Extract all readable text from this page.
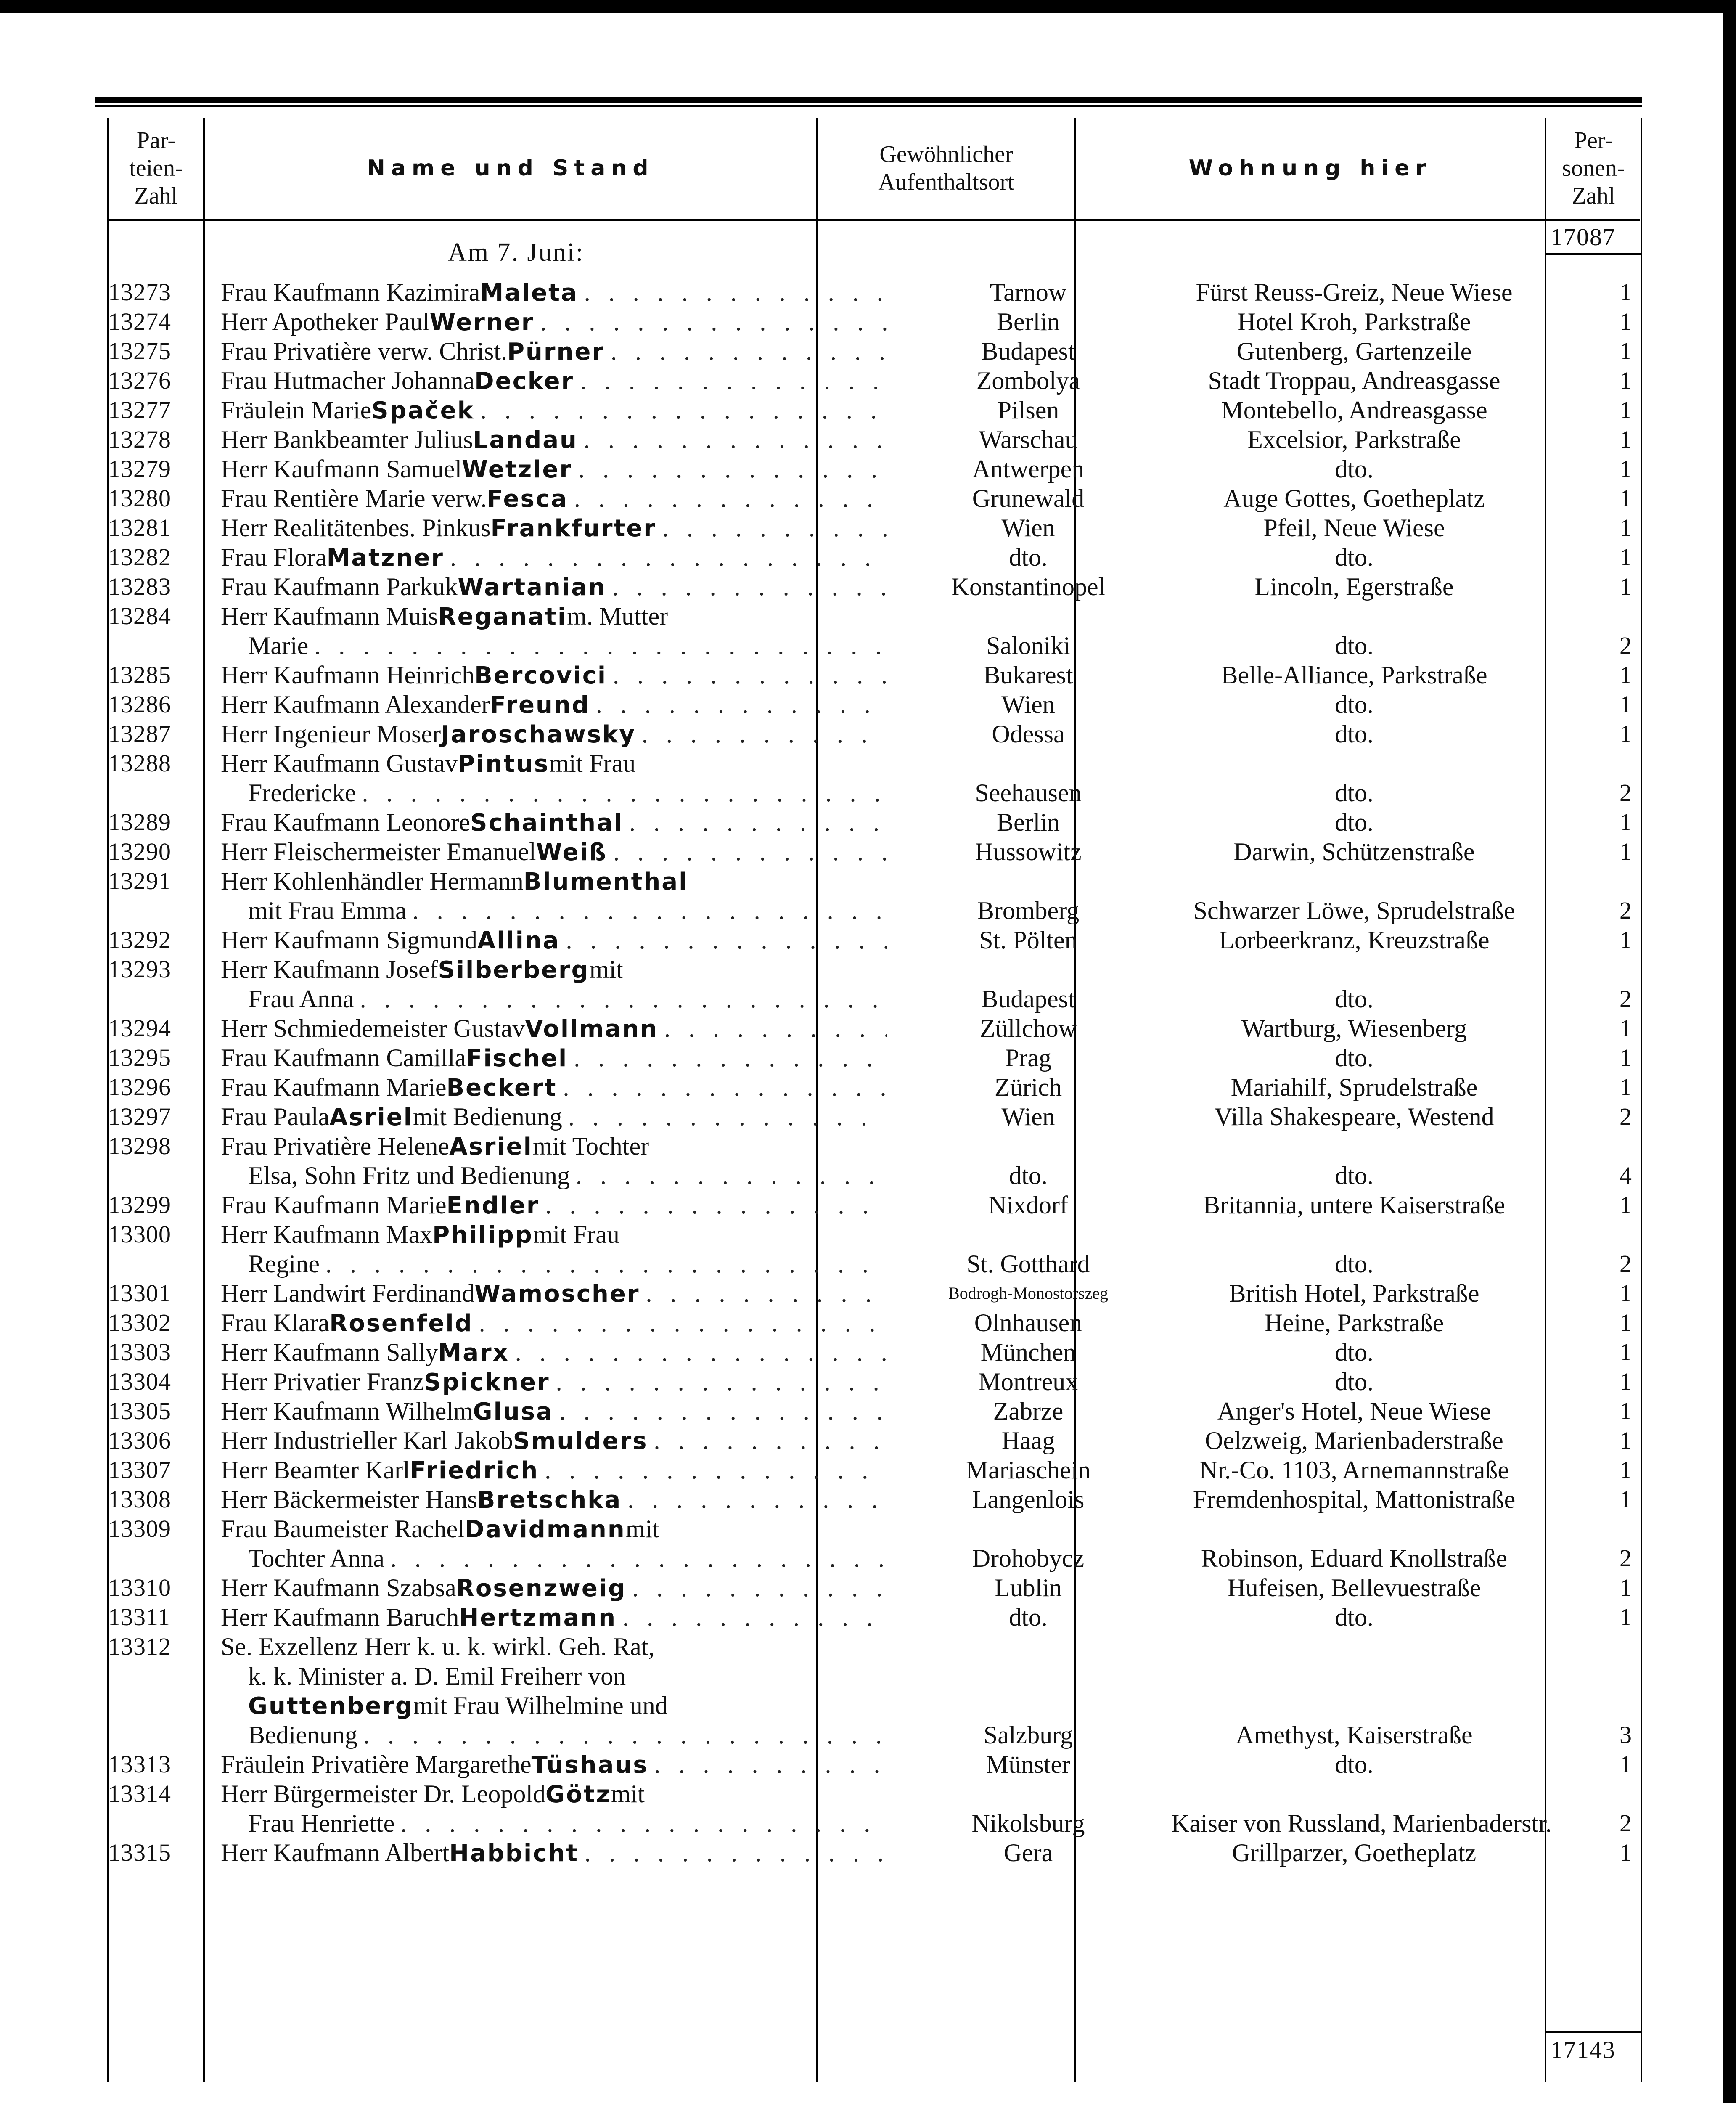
Par-
teien-
Zahl
Name und Stand
Gewöhnlicher
Aufenthaltsort
Wohnung hier
Per-
sonen-
Zahl
17087
Am 7. Juni:
13273	Frau Kaufmann Kazimira Maleta . . .	Tarnow	Fürst Reuss-Greiz, Neue Wiese	1
13274	Herr Apotheker Paul Werner . . .	Berlin	Hotel Kroh, Parkstraße	1
13275	Frau Privatière verw. Christ. Pürner . . .	Budapest	Gutenberg, Gartenzeile	1
13276	Frau Hutmacher Johanna Decker . . .	Zombolya	Stadt Troppau, Andreasgasse	1
13277	Fräulein Marie Spaček . . .	Pilsen	Montebello, Andreasgasse	1
13278	Herr Bankbeamter Julius Landau . . .	Warschau	Excelsior, Parkstraße	1
13279	Herr Kaufmann Samuel Wetzler . . .	Antwerpen	dto.	1
13280	Frau Rentière Marie verw. Fesca . . .	Grunewald	Auge Gottes, Goetheplatz	1
13281	Herr Realitätenbes. Pinkus Frankfurter . . .	Wien	Pfeil, Neue Wiese	1
13282	Frau Flora Matzner . . .	dto.	dto.	1
13283	Frau Kaufmann Parkuk Wartanian . . .	Konstantinopel	Lincoln, Egerstraße	1
13284	Herr Kaufmann Muis Reganati m. Mutter
Marie . . .	Saloniki	dto.	2
13285	Herr Kaufmann Heinrich Bercovici . . .	Bukarest	Belle-Alliance, Parkstraße	1
13286	Herr Kaufmann Alexander Freund . . .	Wien	dto.	1
13287	Herr Ingenieur Moser Jaroschawsky . . .	Odessa	dto.	1
13288	Herr Kaufmann Gustav Pintus mit Frau
Fredericke . . .	Seehausen	dto.	2
13289	Frau Kaufmann Leonore Schainthal . . .	Berlin	dto.	1
13290	Herr Fleischermeister Emanuel Weiß . . .	Hussowitz	Darwin, Schützenstraße	1
13291	Herr Kohlenhändler Hermann Blumenthal
mit Frau Emma . . .	Bromberg	Schwarzer Löwe, Sprudelstraße	2
13292	Herr Kaufmann Sigmund Allina . . .	St. Pölten	Lorbeerkranz, Kreuzstraße	1
13293	Herr Kaufmann Josef Silberberg mit
Frau Anna . . .	Budapest	dto.	2
13294	Herr Schmiedemeister Gustav Vollmann . . .	Züllchow	Wartburg, Wiesenberg	1
13295	Frau Kaufmann Camilla Fischel . . .	Prag	dto.	1
13296	Frau Kaufmann Marie Beckert . . .	Zürich	Mariahilf, Sprudelstraße	1
13297	Frau Paula Asriel mit Bedienung . . .	Wien	Villa Shakespeare, Westend	2
13298	Frau Privatière Helene Asriel mit Tochter
Elsa, Sohn Fritz und Bedienung . . .	dto.	dto.	4
13299	Frau Kaufmann Marie Endler . . .	Nixdorf	Britannia, untere Kaiserstraße	1
13300	Herr Kaufmann Max Philipp mit Frau
Regine . . .	St. Gotthard	dto.	2
13301	Herr Landwirt Ferdinand Wamoscher . . .	Bodrogh-Monostorszeg	British Hotel, Parkstraße	1
13302	Frau Klara Rosenfeld . . .	Olnhausen	Heine, Parkstraße	1
13303	Herr Kaufmann Sally Marx . . .	München	dto.	1
13304	Herr Privatier Franz Spickner . . .	Montreux	dto.	1
13305	Herr Kaufmann Wilhelm Glusa . . .	Zabrze	Anger's Hotel, Neue Wiese	1
13306	Herr Industrieller Karl Jakob Smulders . . .	Haag	Oelzweig, Marienbaderstraße	1
13307	Herr Beamter Karl Friedrich . . .	Mariaschein	Nr.-Co. 1103, Arnemannstraße	1
13308	Herr Bäckermeister Hans Bretschka . . .	Langenlois	Fremdenhospital, Mattonistraße	1
13309	Frau Baumeister Rachel Davidmann mit
Tochter Anna . . .	Drohobycz	Robinson, Eduard Knollstraße	2
13310	Herr Kaufmann Szabsa Rosenzweig . . .	Lublin	Hufeisen, Bellevuestraße	1
13311	Herr Kaufmann Baruch Hertzmann . . .	dto.	dto.	1
13312	Se. Exzellenz Herr k. u. k. wirkl. Geh. Rat,
k. k. Minister a. D. Emil Freiherr von
Guttenberg mit Frau Wilhelmine und
Bedienung . . .	Salzburg	Amethyst, Kaiserstraße	3
13313	Fräulein Privatière Margarethe Tüshaus . . .	Münster	dto.	1
13314	Herr Bürgermeister Dr. Leopold Götz mit
Frau Henriette . . .	Nikolsburg	Kaiser von Russland, Marienbaderstr.	2
13315	Herr Kaufmann Albert Habbicht . . .	Gera	Grillparzer, Goetheplatz	1
17143
